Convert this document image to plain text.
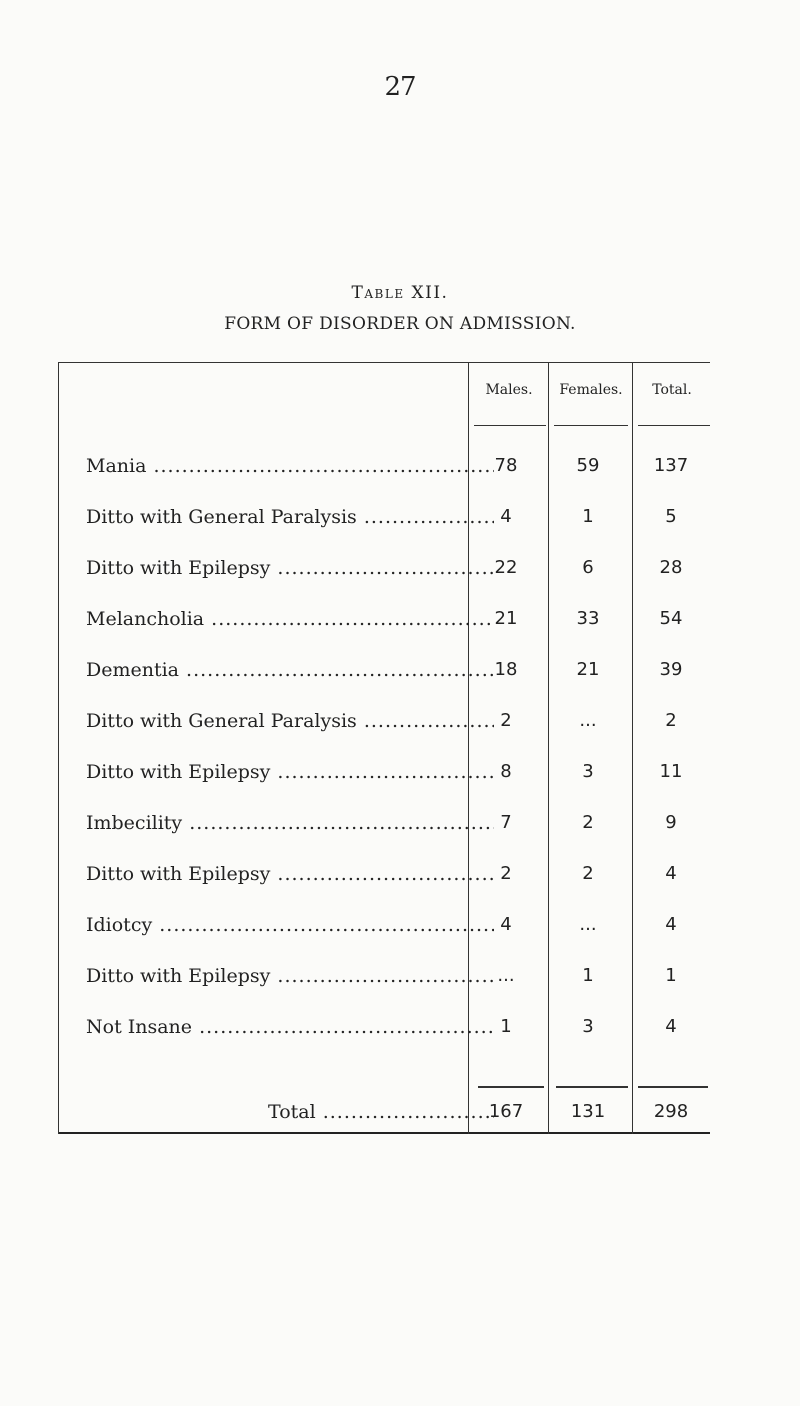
27
Table XII.
FORM OF DISORDER ON ADMISSION.
Males.	Females.	Total.
Mania .....	78	59	137
Ditto with General Paralysis .....	4	1	5
Ditto with Epilepsy .....	22	6	28
Melancholia .....	21	33	54
Dementia .....	18	21	39
Ditto with General Paralysis .....	2	...	2
Ditto with Epilepsy .....	8	3	11
Imbecility .....	7	2	9
Ditto with Epilepsy .....	2	2	4
Idiotcy .....	4	...	4
Ditto with Epilepsy .....	...	1	1
Not Insane .....	1	3	4
Total .....	167	131	298
